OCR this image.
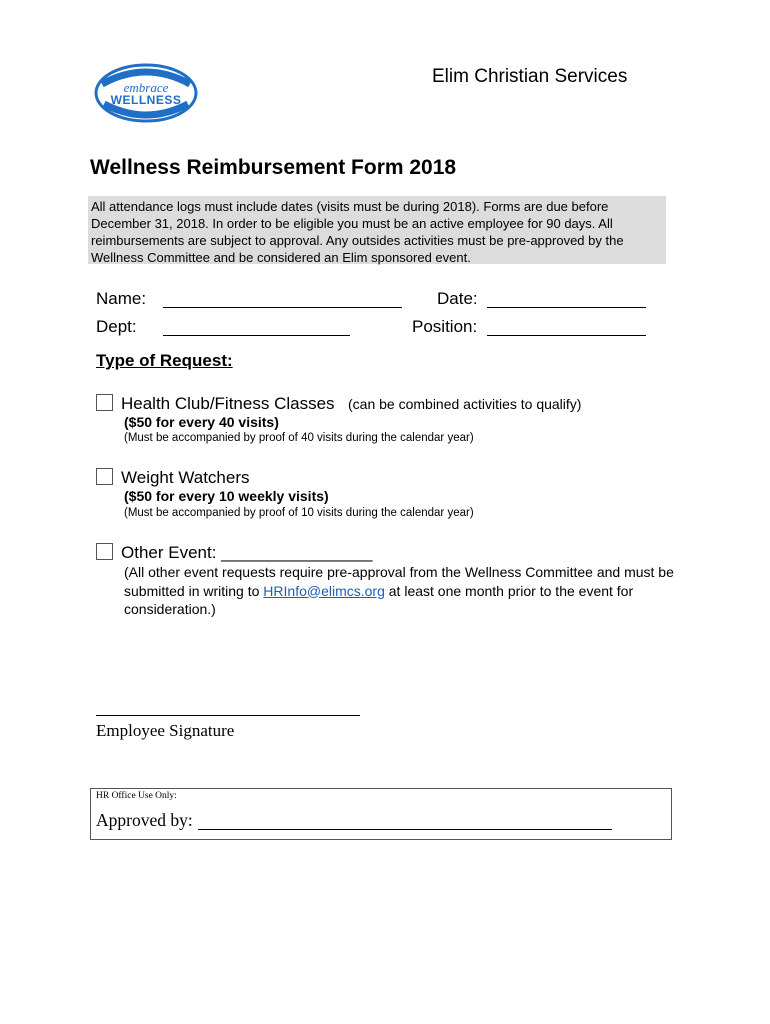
embrace
WELLNESS
Elim Christian Services
Wellness Reimbursement Form 2018
All attendance logs must include dates (visits must be during 2018). Forms are due before December 31, 2018. In order to be eligible you must be an active employee for 90 days. All reimbursements are subject to approval. Any outsides activities must be pre-approved by the Wellness Committee and be considered an Elim sponsored event.
Name:	Date:
Dept:	Position:
Type of Request:
Health Club/Fitness Classes (can be combined activities to qualify)
($50 for every 40 visits)
(Must be accompanied by proof of 40 visits during the calendar year)
Weight Watchers
($50 for every 10 weekly visits)
(Must be accompanied by proof of 10 visits during the calendar year)
Other Event: ________________
(All other event requests require pre-approval from the Wellness Committee and must be submitted in writing to HRInfo@elimcs.org at least one month prior to the event for consideration.)
Employee Signature
HR Office Use Only:
Approved by:
